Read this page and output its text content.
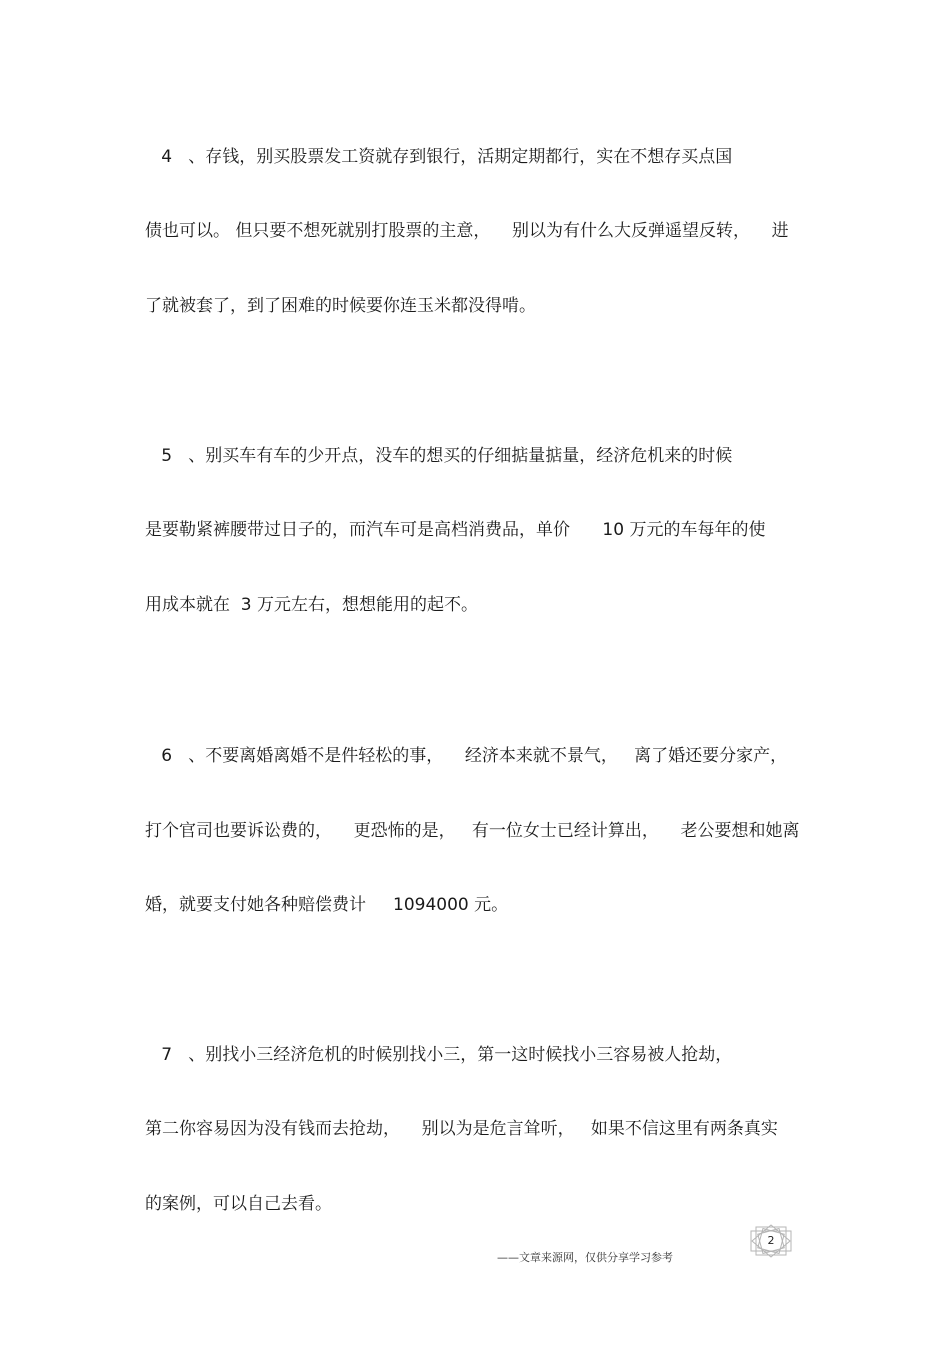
4   、存钱，别买股票发工资就存到银行，活期定期都行，实在不想存买点国

债也可以。 但只要不想死就别打股票的主意，    别以为有什么大反弹遥望反转，    进

了就被套了，到了困难的时候要你连玉米都没得啃。

5   、别买车有车的少开点，没车的想买的仔细掂量掂量，经济危机来的时候

是要勒紧裤腰带过日子的，而汽车可是高档消费品，单价      10 万元的车每年的使

用成本就在  3 万元左右，想想能用的起不。

6   、不要离婚离婚不是件轻松的事，    经济本来就不景气，   离了婚还要分家产，

打个官司也要诉讼费的，    更恐怖的是，   有一位女士已经计算出，    老公要想和她离

婚，就要支付她各种赔偿费计     1094000 元。

7   、别找小三经济危机的时候别找小三，第一这时候找小三容易被人抢劫，

第二你容易因为没有钱而去抢劫，    别以为是危言耸听，   如果不信这里有两条真实

的案例，可以自己去看。

——文章来源网，仅供分享学习参考
2
